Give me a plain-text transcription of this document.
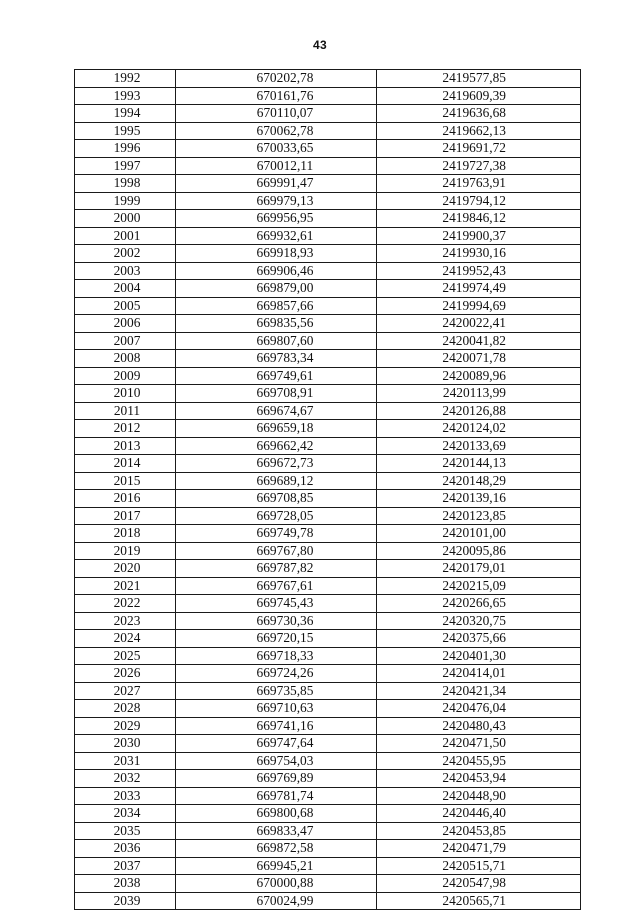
43
1992	670202,78	2419577,85
1993	670161,76	2419609,39
1994	670110,07	2419636,68
1995	670062,78	2419662,13
1996	670033,65	2419691,72
1997	670012,11	2419727,38
1998	669991,47	2419763,91
1999	669979,13	2419794,12
2000	669956,95	2419846,12
2001	669932,61	2419900,37
2002	669918,93	2419930,16
2003	669906,46	2419952,43
2004	669879,00	2419974,49
2005	669857,66	2419994,69
2006	669835,56	2420022,41
2007	669807,60	2420041,82
2008	669783,34	2420071,78
2009	669749,61	2420089,96
2010	669708,91	2420113,99
2011	669674,67	2420126,88
2012	669659,18	2420124,02
2013	669662,42	2420133,69
2014	669672,73	2420144,13
2015	669689,12	2420148,29
2016	669708,85	2420139,16
2017	669728,05	2420123,85
2018	669749,78	2420101,00
2019	669767,80	2420095,86
2020	669787,82	2420179,01
2021	669767,61	2420215,09
2022	669745,43	2420266,65
2023	669730,36	2420320,75
2024	669720,15	2420375,66
2025	669718,33	2420401,30
2026	669724,26	2420414,01
2027	669735,85	2420421,34
2028	669710,63	2420476,04
2029	669741,16	2420480,43
2030	669747,64	2420471,50
2031	669754,03	2420455,95
2032	669769,89	2420453,94
2033	669781,74	2420448,90
2034	669800,68	2420446,40
2035	669833,47	2420453,85
2036	669872,58	2420471,79
2037	669945,21	2420515,71
2038	670000,88	2420547,98
2039	670024,99	2420565,71
